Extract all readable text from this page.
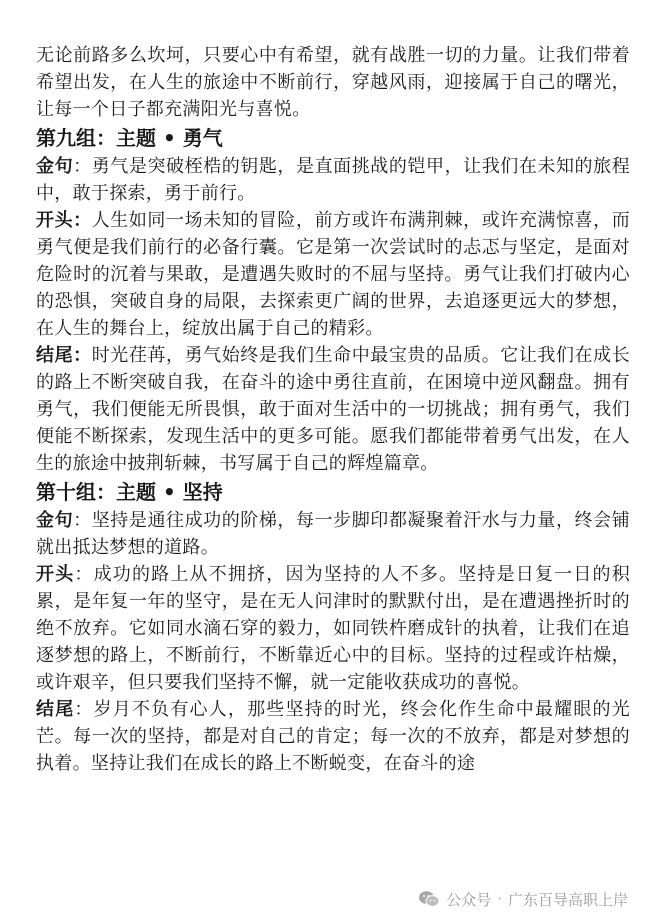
无论前路多么坎坷，只要心中有希望，就有战胜一切的力量。让我们带着希望出发，在人生的旅途中不断前行，穿越风雨，迎接属于自己的曙光，让每一个日子都充满阳光与喜悦。

第九组：主题 • 勇气

金句：勇气是突破桎梏的钥匙，是直面挑战的铠甲，让我们在未知的旅程中，敢于探索，勇于前行。

开头：人生如同一场未知的冒险，前方或许布满荆棘，或许充满惊喜，而勇气便是我们前行的必备行囊。它是第一次尝试时的忐忑与坚定，是面对危险时的沉着与果敢，是遭遇失败时的不屈与坚持。勇气让我们打破内心的恐惧，突破自身的局限，去探索更广阔的世界，去追逐更远大的梦想，在人生的舞台上，绽放出属于自己的精彩。

结尾：时光荏苒，勇气始终是我们生命中最宝贵的品质。它让我们在成长的路上不断突破自我，在奋斗的途中勇往直前，在困境中逆风翻盘。拥有勇气，我们便能无所畏惧，敢于面对生活中的一切挑战；拥有勇气，我们便能不断探索，发现生活中的更多可能。愿我们都能带着勇气出发，在人生的旅途中披荆斩棘，书写属于自己的辉煌篇章。

第十组：主题 • 坚持

金句：坚持是通往成功的阶梯，每一步脚印都凝聚着汗水与力量，终会铺就出抵达梦想的道路。

开头：成功的路上从不拥挤，因为坚持的人不多。坚持是日复一日的积累，是年复一年的坚守，是在无人问津时的默默付出，是在遭遇挫折时的绝不放弃。它如同水滴石穿的毅力，如同铁杵磨成针的执着，让我们在追逐梦想的路上，不断前行，不断靠近心中的目标。坚持的过程或许枯燥，或许艰辛，但只要我们坚持不懈，就一定能收获成功的喜悦。

结尾：岁月不负有心人，那些坚持的时光，终会化作生命中最耀眼的光芒。每一次的坚持，都是对自己的肯定；每一次的不放弃，都是对梦想的执着。坚持让我们在成长的路上不断蜕变，在奋斗的途

公众号 · 广东百导高职上岸
